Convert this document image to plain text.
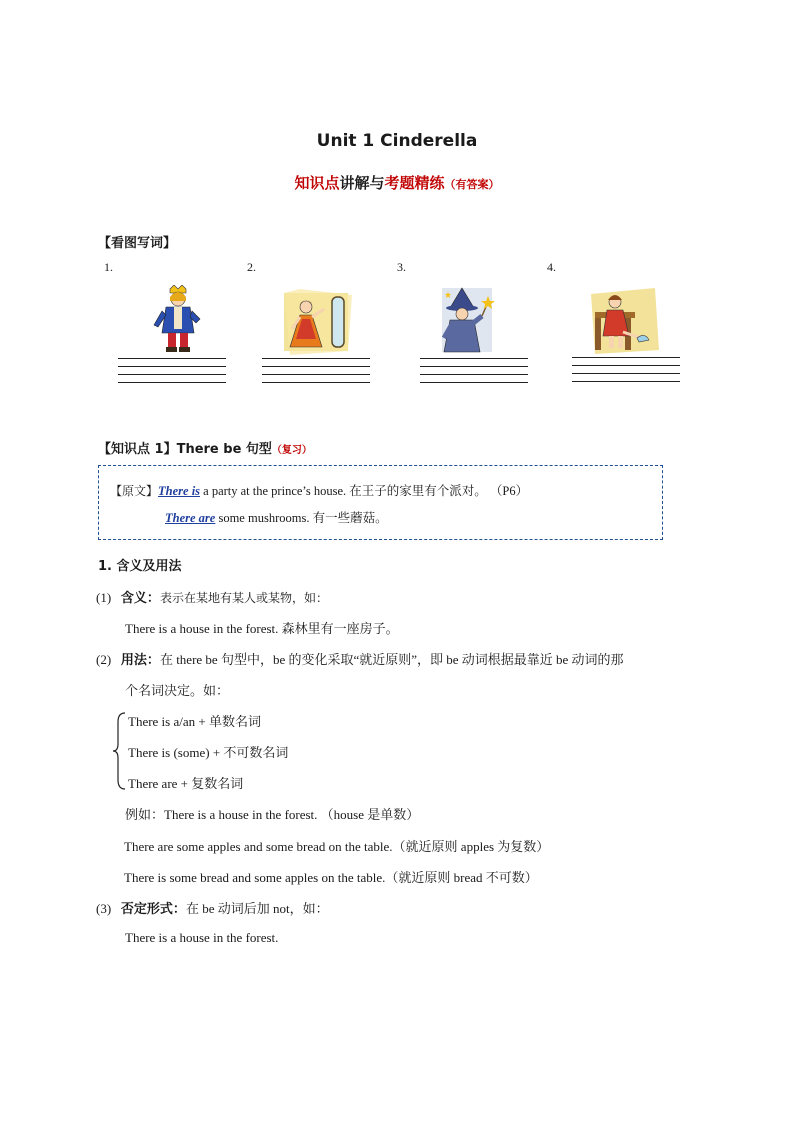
Unit 1 Cinderella
知识点讲解与考题精练（有答案）
【看图写词】
1.	2.	3.	4.
【知识点 1】There be 句型（复习）
【原文】There is a party at the prince’s house. 在王子的家里有个派对。 （P6）
There are some mushrooms. 有一些蘑菇。
1. 含义及用法
(1) 含义：表示在某地有某人或某物，如：
There is a house in the forest. 森林里有一座房子。
(2) 用法：在 there be 句型中，be 的变化采取“就近原则”，即 be 动词根据最靠近 be 动词的那
个名词决定。如：
There is a/an + 单数名词
There is (some) + 不可数名词
There are + 复数名词
例如：There is a house in the forest. （house 是单数）
There are some apples and some bread on the table.（就近原则 apples 为复数）
There is some bread and some apples on the table.（就近原则 bread 不可数）
(3) 否定形式：在 be 动词后加 not，如：
There is a house in the forest.
